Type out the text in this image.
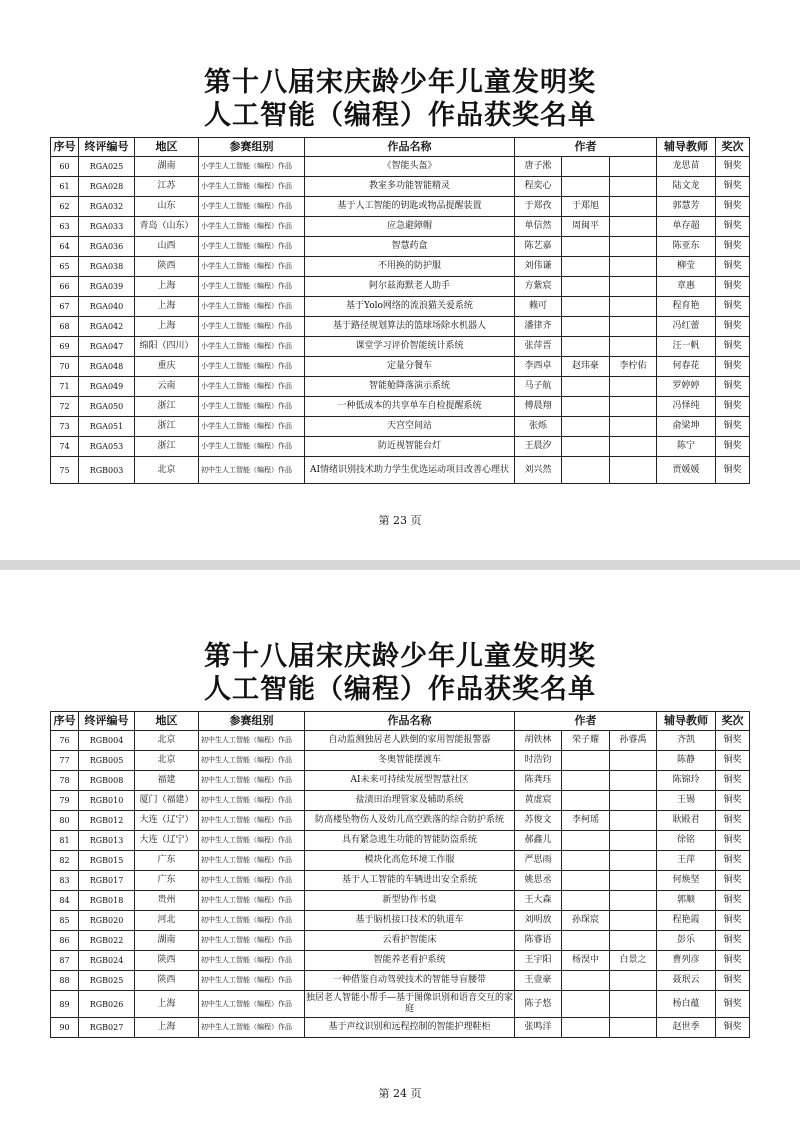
第十八届宋庆龄少年儿童发明奖
人工智能（编程）作品获奖名单
序号	终评编号	地区	参赛组别	作品名称	作者			辅导教师	奖次
60	RGA025	湖南	小学生人工智能（编程）作品	《智能头盔》	唐子淞			龙思苗	铜奖
61	RGA028	江苏	小学生人工智能（编程）作品	教室多功能智能精灵	程奕心			陆文龙	铜奖
62	RGA032	山东	小学生人工智能（编程）作品	基于人工智能的钥匙或物品提醒装置	于郑孜	于郑旭		郭慧芳	铜奖
63	RGA033	青岛（山东）	小学生人工智能（编程）作品	应急避障帽	单信然	周闽平		单存超	铜奖
64	RGA036	山西	小学生人工智能（编程）作品	智慧药盒	陈艺嘉			陈亚东	铜奖
65	RGA038	陕西	小学生人工智能（编程）作品	不用换的防护服	刘伟谦			柳莹	铜奖
66	RGA039	上海	小学生人工智能（编程）作品	阿尔兹海默老人助手	方紫宸			章惠	铜奖
67	RGA040	上海	小学生人工智能（编程）作品	基于Yolo网络的流浪猫关爱系统	赖可			程育艳	铜奖
68	RGA042	上海	小学生人工智能（编程）作品	基于路径规划算法的篮球场除水机器人	潘律齐			冯红蕾	铜奖
69	RGA047	绵阳（四川）	小学生人工智能（编程）作品	课堂学习评价智能统计系统	张萍晋			汪一帆	铜奖
70	RGA048	重庆	小学生人工智能（编程）作品	定量分餐车	李西卓	赵玮豪	李柠佑	何春花	铜奖
71	RGA049	云南	小学生人工智能（编程）作品	智能舱降落演示系统	马子航			罗婷婷	铜奖
72	RGA050	浙江	小学生人工智能（编程）作品	一种低成本的共享单车自检提醒系统	傅晨翔			冯怿纯	铜奖
73	RGA051	浙江	小学生人工智能（编程）作品	天宫空间站	张烁			俞梁坤	铜奖
74	RGA053	浙江	小学生人工智能（编程）作品	防近视智能台灯	王晨汐			陈宁	铜奖
75	RGB003	北京	初中生人工智能（编程）作品	AI情绪识别技术助力学生优选运动项目改善心理状	刘兴然			贾媛媛	铜奖
第 23 页
第十八届宋庆龄少年儿童发明奖
人工智能（编程）作品获奖名单
序号	终评编号	地区	参赛组别	作品名称	作者			辅导教师	奖次
76	RGB004	北京	初中生人工智能（编程）作品	自动监测独居老人跌倒的家用智能报警器	胡铁林	荣子耀	孙睿禹	齐凯	铜奖
77	RGB005	北京	初中生人工智能（编程）作品	冬奥智能摆渡车	时浩钧			陈静	铜奖
78	RGB008	福建	初中生人工智能（编程）作品	AI未来可持续发展型智慧社区	陈龚珏			陈锦玲	铜奖
79	RGB010	厦门（福建）	初中生人工智能（编程）作品	盐渍田治理管家及辅助系统	黄虚宸			王锡	铜奖
80	RGB012	大连（辽宁）	初中生人工智能（编程）作品	防高楼坠物伤人及幼儿高空跌落的综合防护系统	苏俊文	李柯瑶		耿殿君	铜奖
81	RGB013	大连（辽宁）	初中生人工智能（编程）作品	具有紧急逃生功能的智能防盗系统	郝鑫儿			徐铭	铜奖
82	RGB015	广东	初中生人工智能（编程）作品	模块化高危环境工作服	严思雨			王萍	铜奖
83	RGB017	广东	初中生人工智能（编程）作品	基于人工智能的车辆进出安全系统	姚思丞			何焕坚	铜奖
84	RGB018	贵州	初中生人工智能（编程）作品	新型协作书桌	王大森			郭顺	铜奖
85	RGB020	河北	初中生人工智能（编程）作品	基于脑机接口技术的轨道车	刘明放	孙琛宸		程艳霞	铜奖
86	RGB022	湖南	初中生人工智能（编程）作品	云看护智能床	陈睿语			彭乐	铜奖
87	RGB024	陕西	初中生人工智能（编程）作品	智能养老看护系统	王宇阳	杨淏中	白景之	曹列彦	铜奖
88	RGB025	陕西	初中生人工智能（编程）作品	一种借鉴自动驾驶技术的智能导盲腰带	王壹豪			聂珉云	铜奖
89	RGB026	上海	初中生人工智能（编程）作品	独居老人智能小帮手—基于图像识别和语音交互的家庭	陈子悠			杨白蕴	铜奖
90	RGB027	上海	初中生人工智能（编程）作品	基于声纹识别和远程控制的智能护理鞋柜	张鸣洋			赵世季	铜奖
第 24 页
